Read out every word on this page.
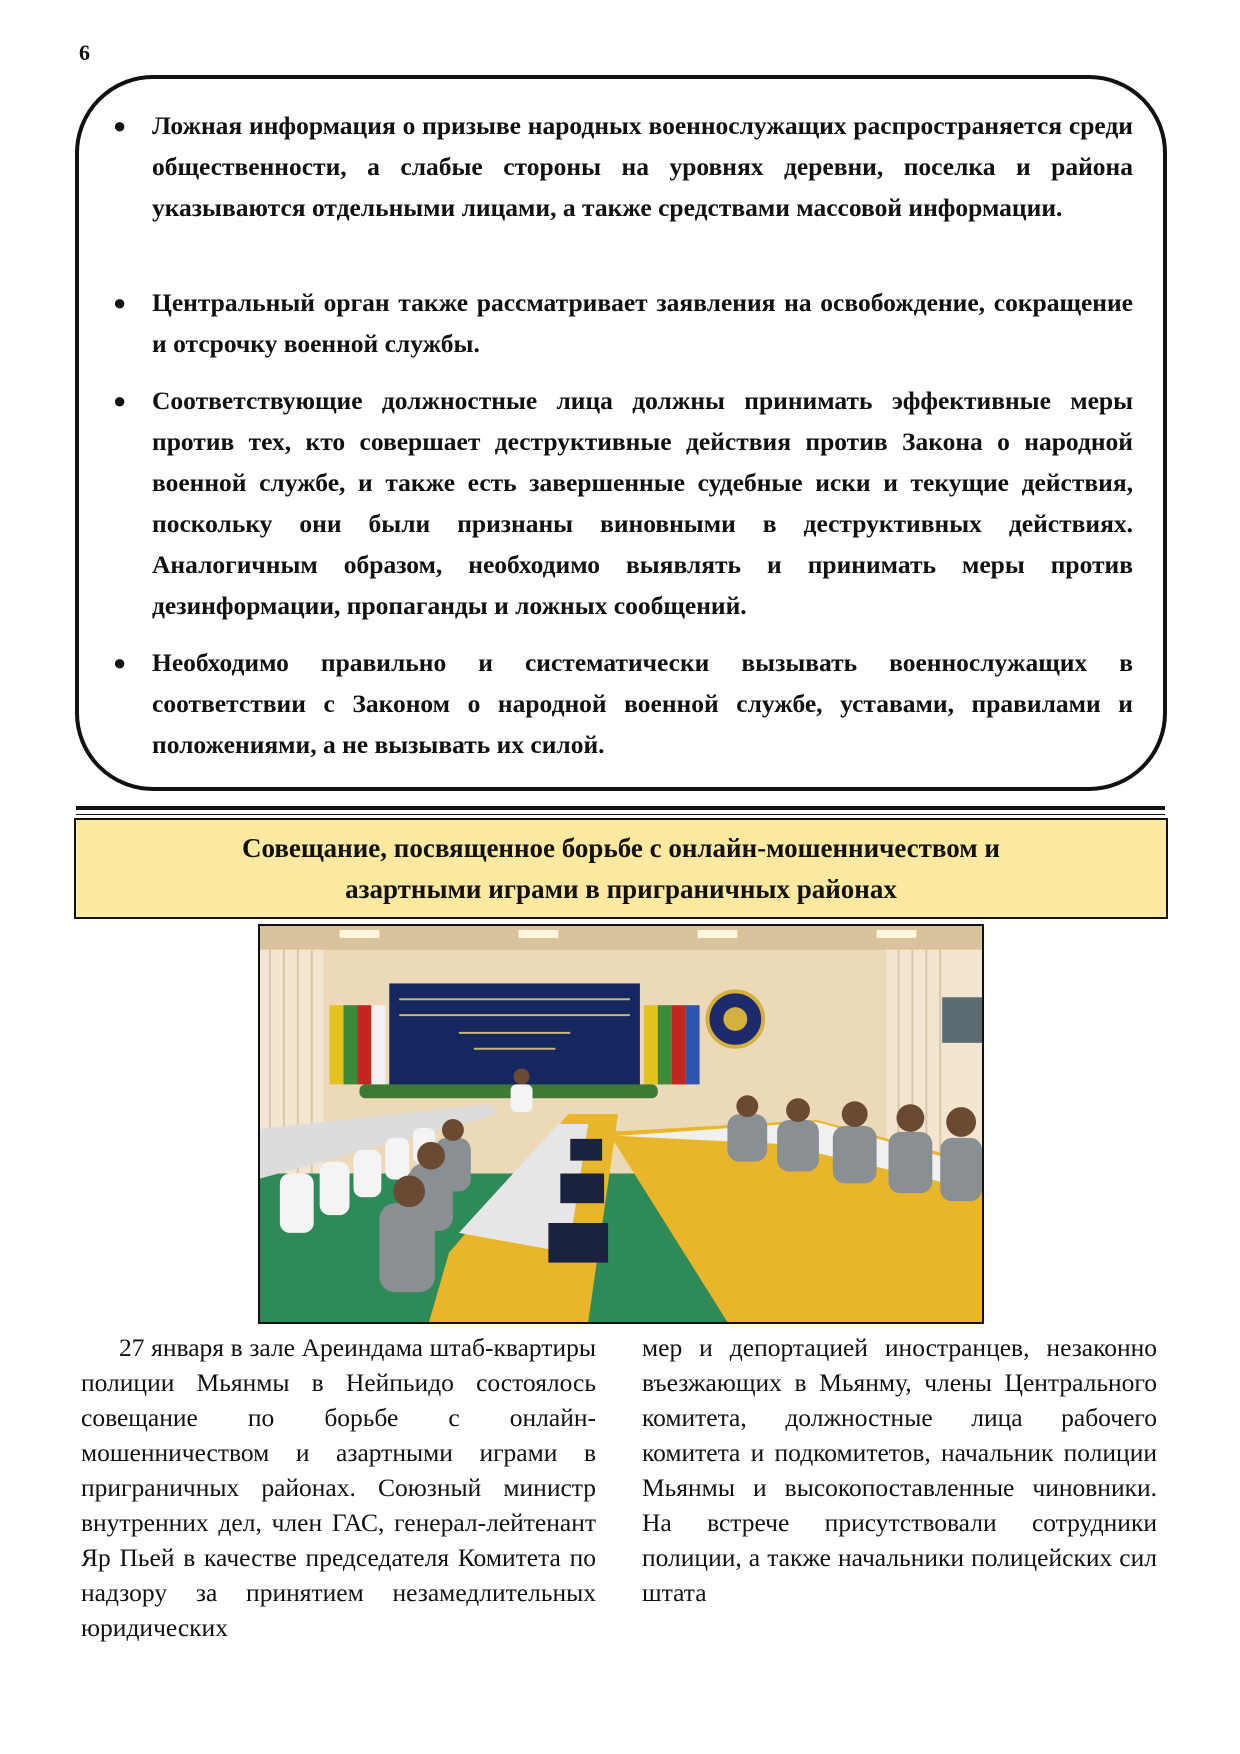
6
● Ложная информация о призыве народных военнослужащих распространяется среди общественности, а слабые стороны на уровнях деревни, поселка и района указываются отдельными лицами, а также средствами массовой информации.
● Центральный орган также рассматривает заявления на освобождение, сокращение и отсрочку военной службы.
● Соответствующие должностные лица должны принимать эффективные меры против тех, кто совершает деструктивные действия против Закона о народной военной службе, и также есть завершенные судебные иски и текущие действия, поскольку они были признаны виновными в деструктивных действиях. Аналогичным образом, необходимо выявлять и принимать меры против дезинформации, пропаганды и ложных сообщений.
● Необходимо правильно и систематически вызывать военнослужащих в соответствии с Законом о народной военной службе, уставами, правилами и положениями, а не вызывать их силой.
Совещание, посвященное борьбе с онлайн-мошенничеством и
азартными играми в приграничных районах

27 января в зале Ареиндама штаб-квартиры полиции Мьянмы в Нейпьидо состоялось совещание по борьбе с онлайн-мошенничеством и азартными играми в приграничных районах. Союзный министр внутренних дел, член ГАС, генерал-лейтенант Яр Пьей в качестве председателя Комитета по надзору за принятием незамедлительных юридических

мер и депортацией иностранцев, незаконно въезжающих в Мьянму, члены Центрального комитета, должностные лица рабочего комитета и подкомитетов, начальник полиции Мьянмы и высокопоставленные чиновники. На встрече присутствовали сотрудники полиции, а также начальники полицейских сил штата
